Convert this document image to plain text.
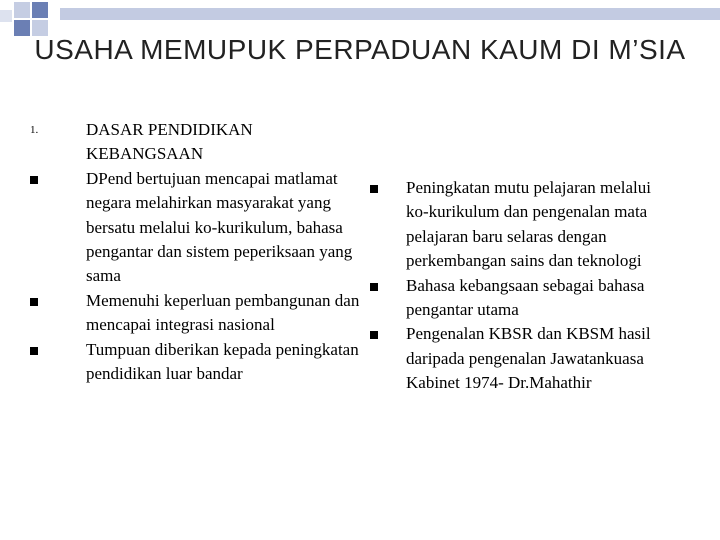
USAHA MEMUPUK PERPADUAN KAUM DI M’SIA
1.	DASAR PENDIDIKAN KEBANGSAAN
DPend bertujuan mencapai matlamat negara melahirkan masyarakat yang bersatu melalui ko-kurikulum, bahasa pengantar dan sistem peperiksaan yang sama
Memenuhi keperluan pembangunan dan mencapai integrasi nasional
Tumpuan diberikan kepada peningkatan pendidikan luar bandar
Peningkatan mutu pelajaran melalui ko-kurikulum dan pengenalan mata pelajaran baru selaras dengan perkembangan sains dan teknologi
Bahasa kebangsaan sebagai bahasa pengantar utama
Pengenalan KBSR dan KBSM hasil daripada pengenalan Jawatankuasa Kabinet 1974- Dr.Mahathir
